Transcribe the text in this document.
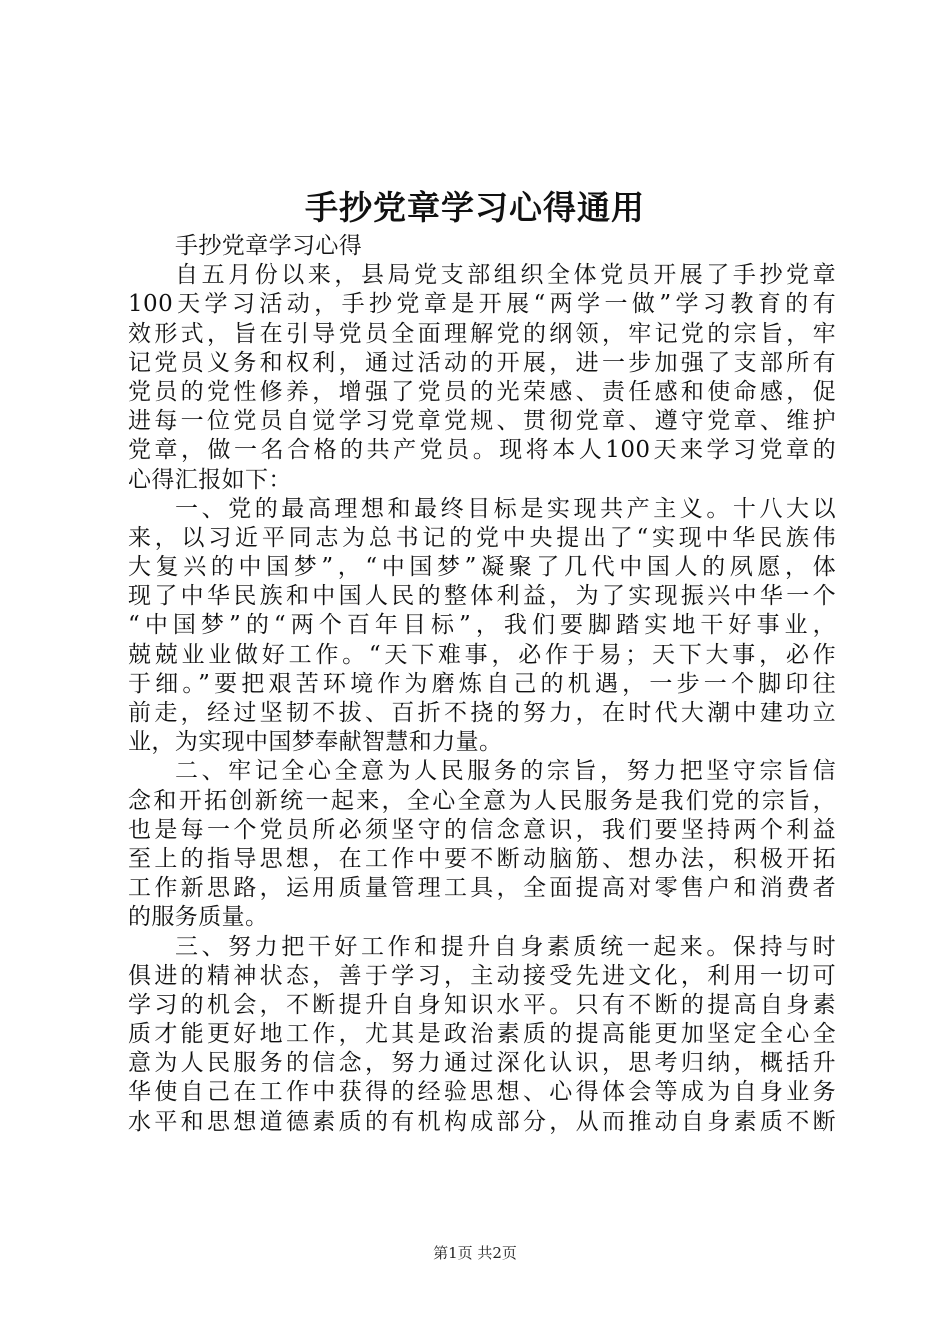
手抄党章学习心得通用
手抄党章学习心得
自五月份以来，县局党支部组织全体党员开展了手抄党章
100天学习活动，手抄党章是开展“两学一做”学习教育的有
效形式，旨在引导党员全面理解党的纲领，牢记党的宗旨，牢
记党员义务和权利，通过活动的开展，进一步加强了支部所有
党员的党性修养，增强了党员的光荣感、责任感和使命感，促
进每一位党员自觉学习党章党规、贯彻党章、遵守党章、维护
党章，做一名合格的共产党员。现将本人100天来学习党章的
心得汇报如下：
一、党的最高理想和最终目标是实现共产主义。十八大以
来，以习近平同志为总书记的党中央提出了“实现中华民族伟
大复兴的中国梦”，“中国梦”凝聚了几代中国人的夙愿，体
现了中华民族和中国人民的整体利益，为了实现振兴中华一个
“中国梦”的“两个百年目标”，我们要脚踏实地干好事业，
兢兢业业做好工作。“天下难事，必作于易；天下大事，必作
于细。”要把艰苦环境作为磨炼自己的机遇，一步一个脚印往
前走，经过坚韧不拔、百折不挠的努力，在时代大潮中建功立
业，为实现中国梦奉献智慧和力量。
二、牢记全心全意为人民服务的宗旨，努力把坚守宗旨信
念和开拓创新统一起来，全心全意为人民服务是我们党的宗旨，
也是每一个党员所必须坚守的信念意识，我们要坚持两个利益
至上的指导思想，在工作中要不断动脑筋、想办法，积极开拓
工作新思路，运用质量管理工具，全面提高对零售户和消费者
的服务质量。
三、努力把干好工作和提升自身素质统一起来。保持与时
俱进的精神状态，善于学习，主动接受先进文化，利用一切可
学习的机会，不断提升自身知识水平。只有不断的提高自身素
质才能更好地工作，尤其是政治素质的提高能更加坚定全心全
意为人民服务的信念，努力通过深化认识，思考归纳，概括升
华使自己在工作中获得的经验思想、心得体会等成为自身业务
水平和思想道德素质的有机构成部分，从而推动自身素质不断
第1页 共2页
